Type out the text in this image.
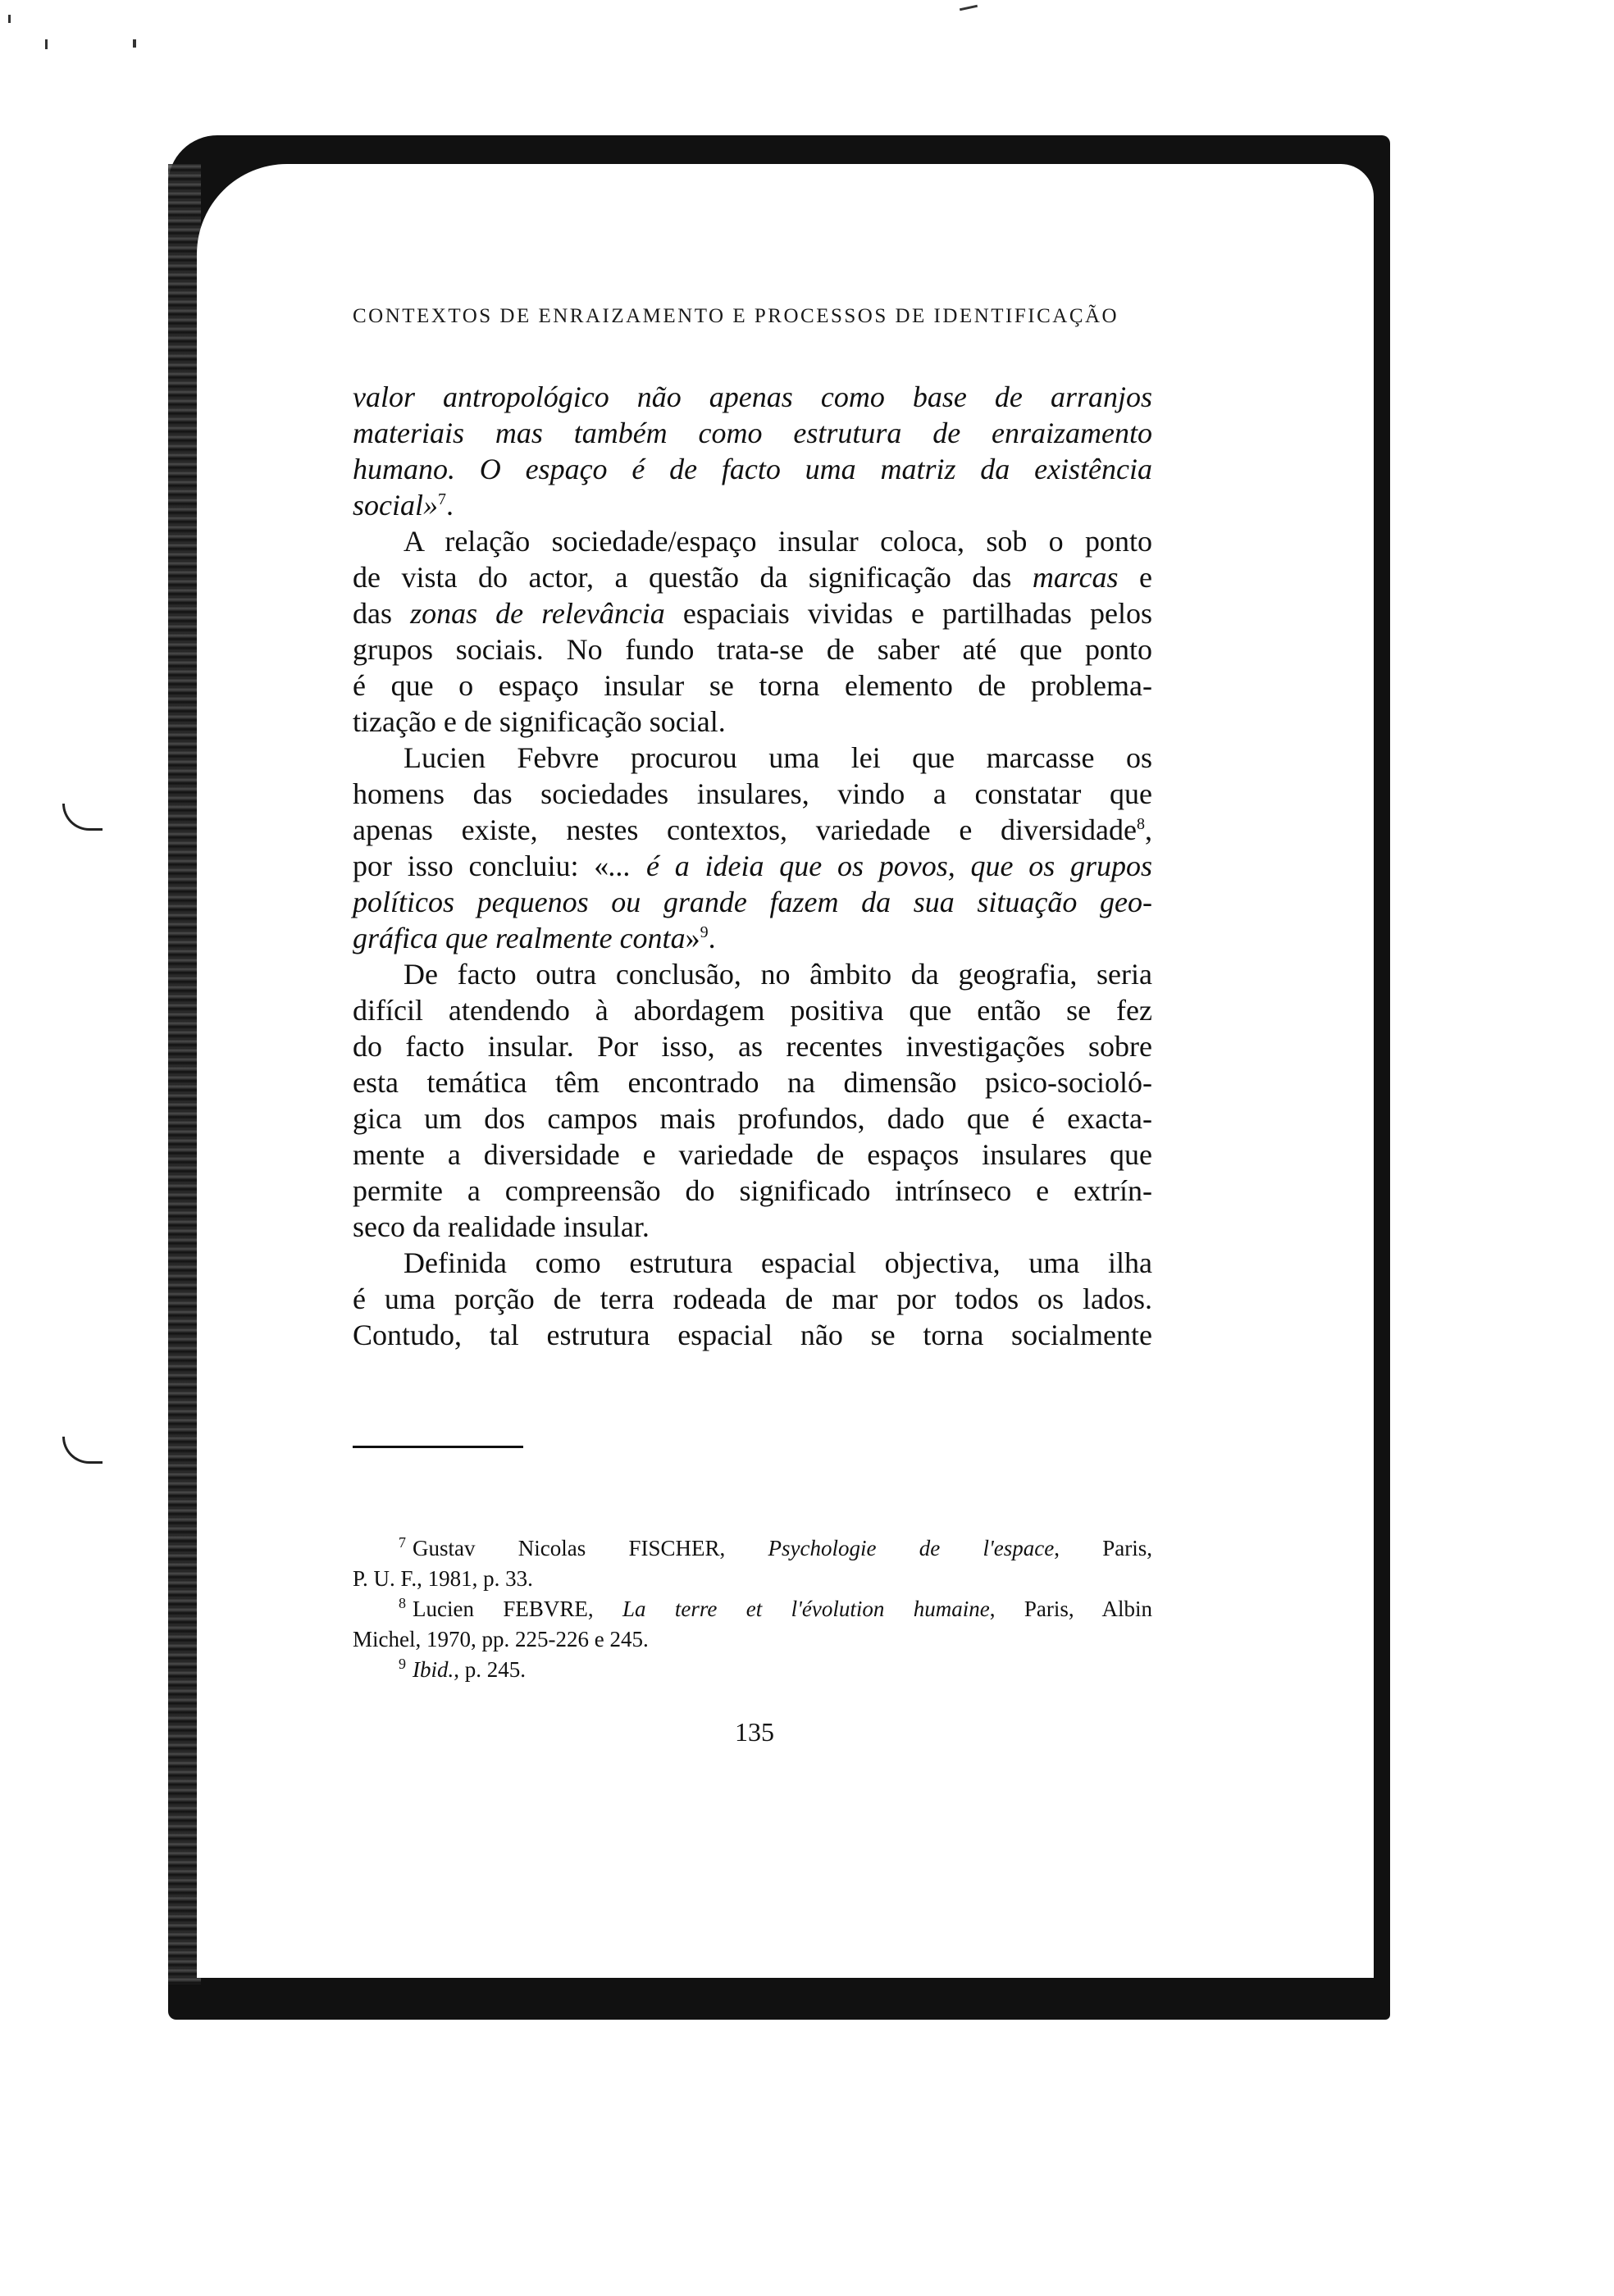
CONTEXTOS DE ENRAIZAMENTO E PROCESSOS DE IDENTIFICAÇÃO
valor antropológico não apenas como base de arranjos
materiais mas também como estrutura de enraizamento
humano. O espaço é de facto uma matriz da existência
social»$^7$.
A relação sociedade/espaço insular coloca, sob o ponto
de vista do actor, a questão da significação das marcas e
das zonas de relevância espaciais vividas e partilhadas pelos
grupos sociais. No fundo trata-se de saber até que ponto
é que o espaço insular se torna elemento de problema-
tização e de significação social.
Lucien Febvre procurou uma lei que marcasse os
homens das sociedades insulares, vindo a constatar que
apenas existe, nestes contextos, variedade e diversidade$^8$,
por isso concluiu: «... é a ideia que os povos, que os grupos
políticos pequenos ou grande fazem da sua situação geo-
gráfica que realmente conta»$^9$.
De facto outra conclusão, no âmbito da geografia, seria
difícil atendendo à abordagem positiva que então se fez
do facto insular. Por isso, as recentes investigações sobre
esta temática têm encontrado na dimensão psico-socioló-
gica um dos campos mais profundos, dado que é exacta-
mente a diversidade e variedade de espaços insulares que
permite a compreensão do significado intrínseco e extrín-
seco da realidade insular.
Definida como estrutura espacial objectiva, uma ilha
é uma porção de terra rodeada de mar por todos os lados.
Contudo, tal estrutura espacial não se torna socialmente
$^7$ Gustav Nicolas FISCHER, Psychologie de l'espace, Paris,
P. U. F., 1981, p. 33.
$^8$ Lucien FEBVRE, La terre et l'évolution humaine, Paris, Albin
Michel, 1970, pp. 225-226 e 245.
$^9$ Ibid., p. 245.
135
